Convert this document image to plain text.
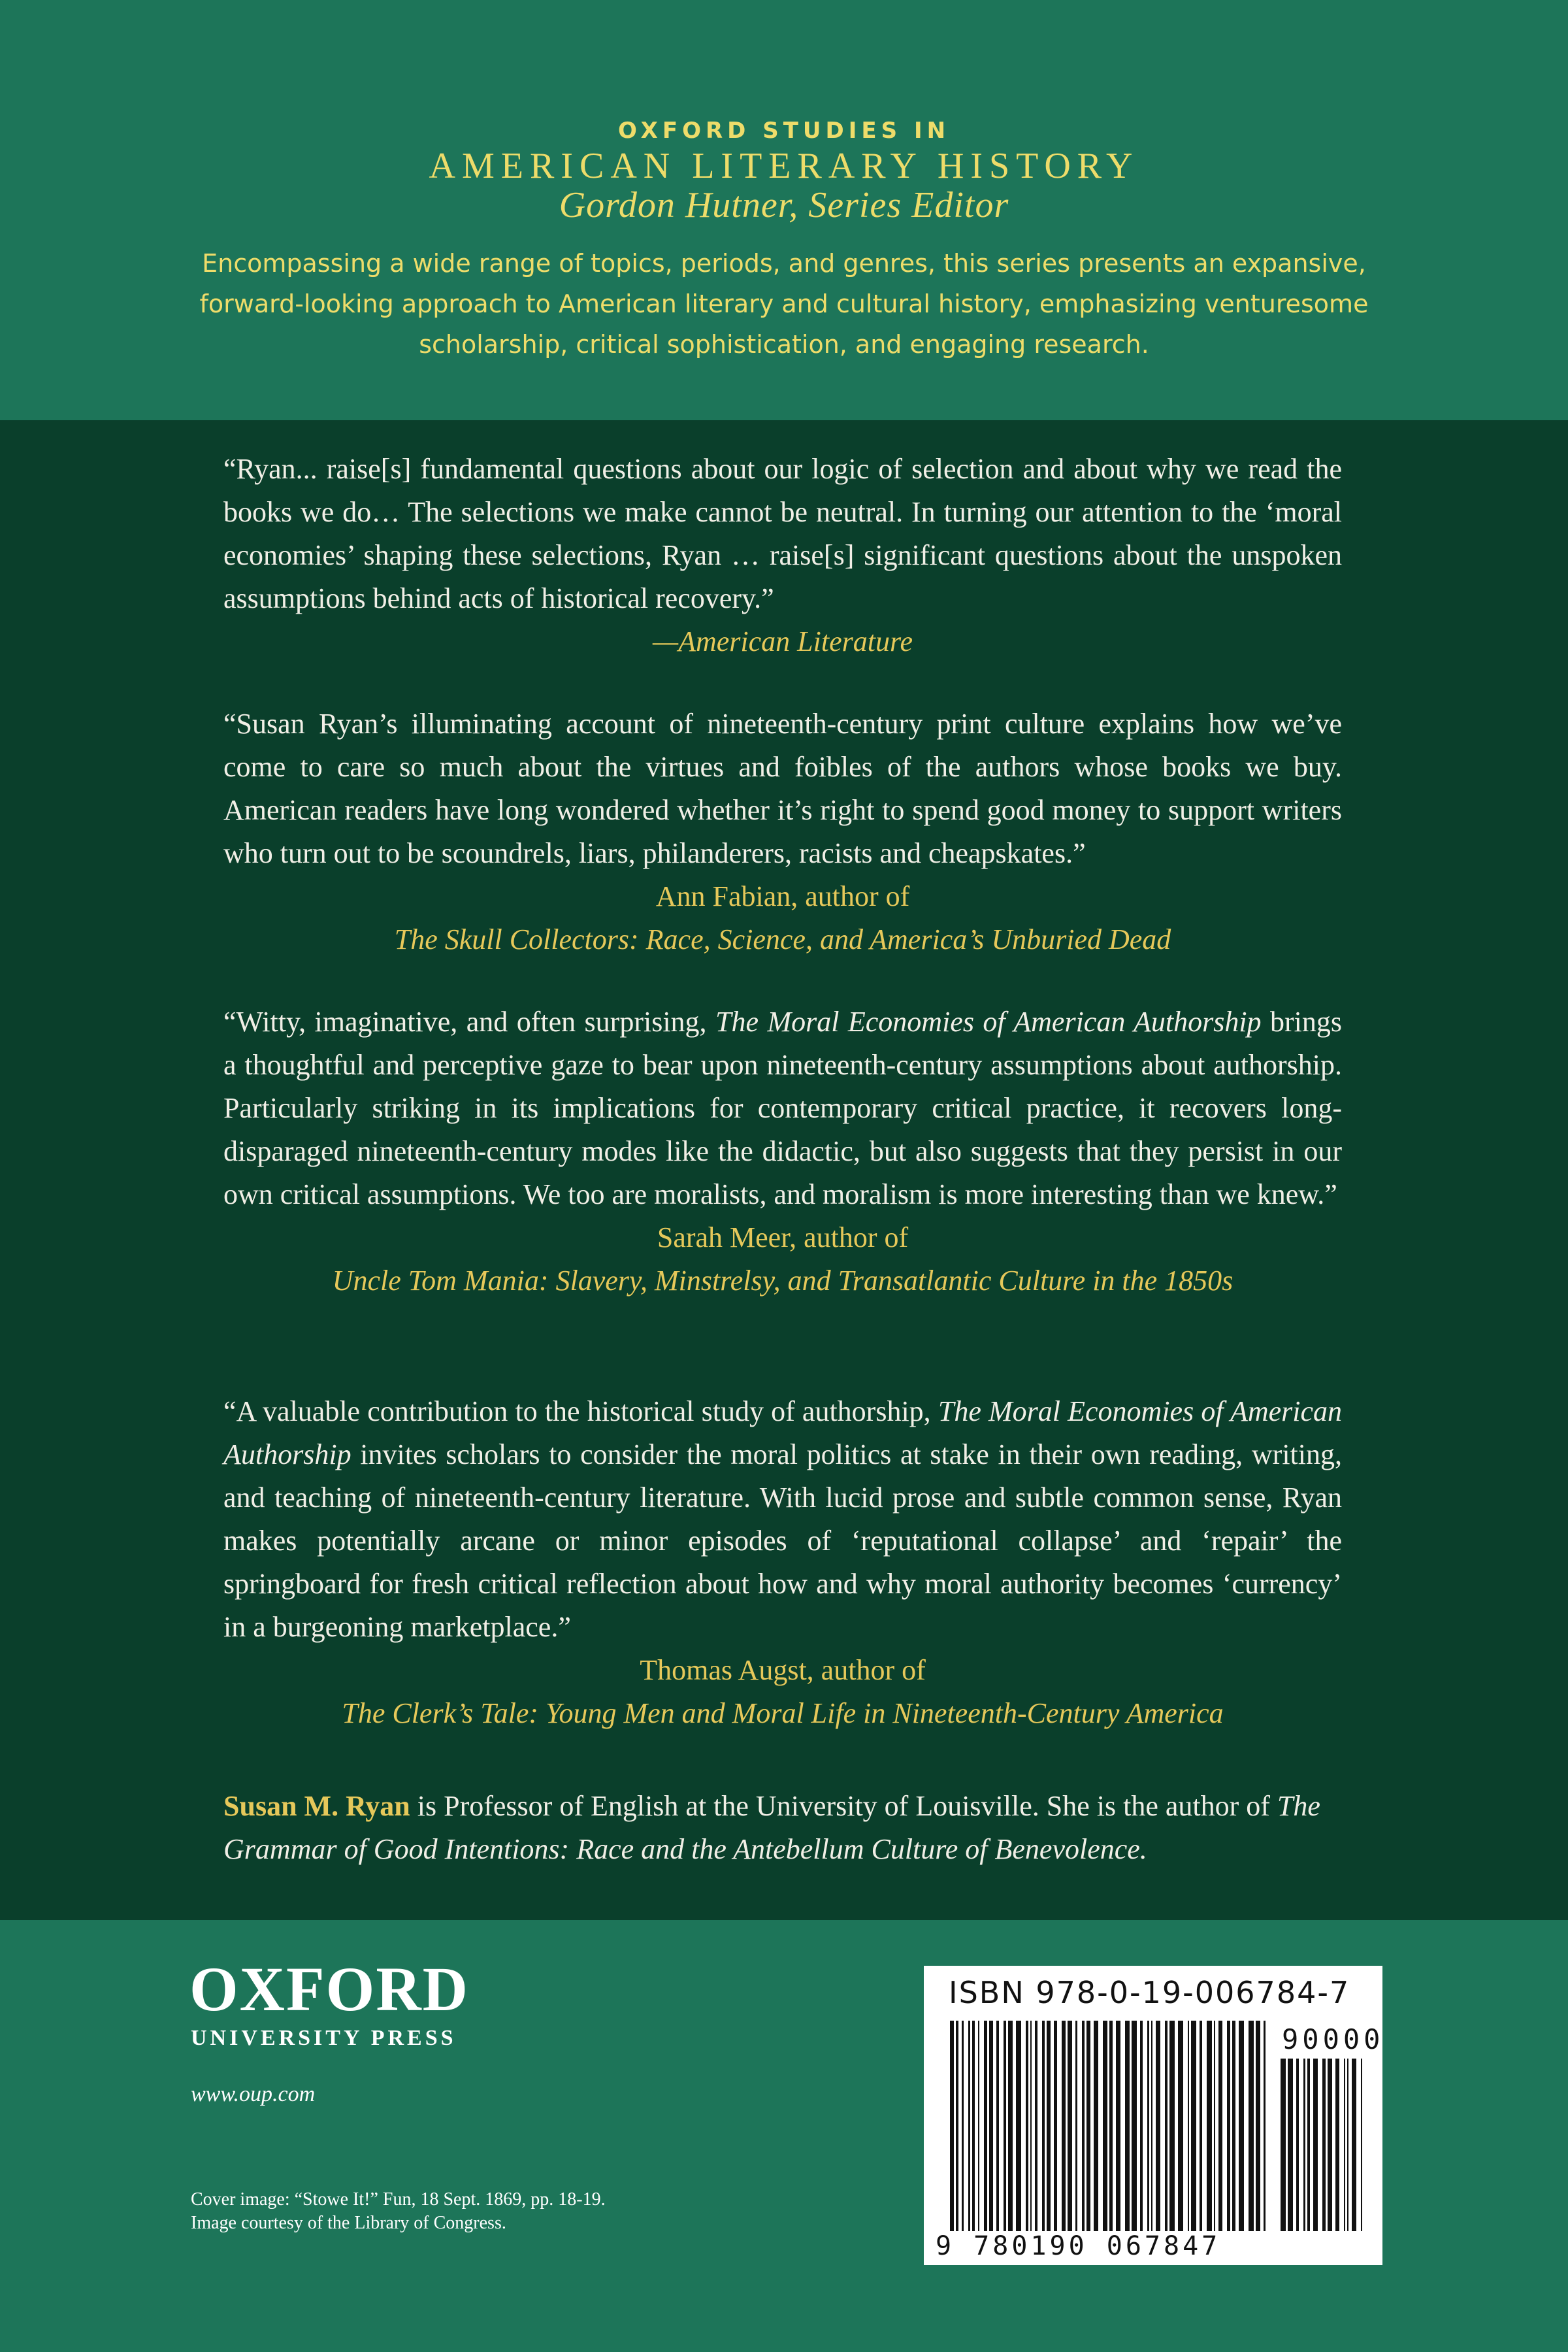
OXFORD STUDIES IN
AMERICAN LITERARY HISTORY
Gordon Hutner, Series Editor
Encompassing a wide range of topics, periods, and genres, this series presents an expansive, forward-looking approach to American literary and cultural history, emphasizing venturesome scholarship, critical sophistication, and engaging research.

“Ryan... raise[s] fundamental questions about our logic of selection and about why we read the books we do… The selections we make cannot be neutral. In turning our attention to the ‘moral economies’ shaping these selections, Ryan … raise[s] significant questions about the unspoken assumptions behind acts of historical recovery.”

—American Literature

“Susan Ryan’s illuminating account of nineteenth-century print culture explains how we’ve come to care so much about the virtues and foibles of the authors whose books we buy. American readers have long wondered whether it’s right to spend good money to support writers who turn out to be scoundrels, liars, philanderers, racists and cheapskates.”

Ann Fabian, author of

The Skull Collectors: Race, Science, and America’s Unburied Dead

“Witty, imaginative, and often surprising, The Moral Economies of American Authorship brings a thoughtful and perceptive gaze to bear upon nineteenth-century assumptions about authorship. Particularly striking in its implications for contemporary critical practice, it recovers long-disparaged nineteenth-century modes like the didactic, but also suggests that they persist in our own critical assumptions. We too are moralists, and moralism is more interesting than we knew.”

Sarah Meer, author of

Uncle Tom Mania: Slavery, Minstrelsy, and Transatlantic Culture in the 1850s

“A valuable contribution to the historical study of authorship, The Moral Economies of American Authorship invites scholars to consider the moral politics at stake in their own reading, writing, and teaching of nineteenth-century literature. With lucid prose and subtle common sense, Ryan makes potentially arcane or minor episodes of ‘reputational collapse’ and ‘repair’ the springboard for fresh critical reflection about how and why moral authority becomes ‘currency’ in a burgeoning marketplace.”

Thomas Augst, author of

The Clerk’s Tale: Young Men and Moral Life in Nineteenth-Century America

Susan M. Ryan is Professor of English at the University of Louisville. She is the author of The Grammar of Good Intentions: Race and the Antebellum Culture of Benevolence.

OXFORD
UNIVERSITY PRESS
www.oup.com
Cover image: “Stowe It!” Fun, 18 Sept. 1869, pp. 18-19.
Image courtesy of the Library of Congress.
ISBN 978-0-19-006784-7
90000
9 780190 067847
